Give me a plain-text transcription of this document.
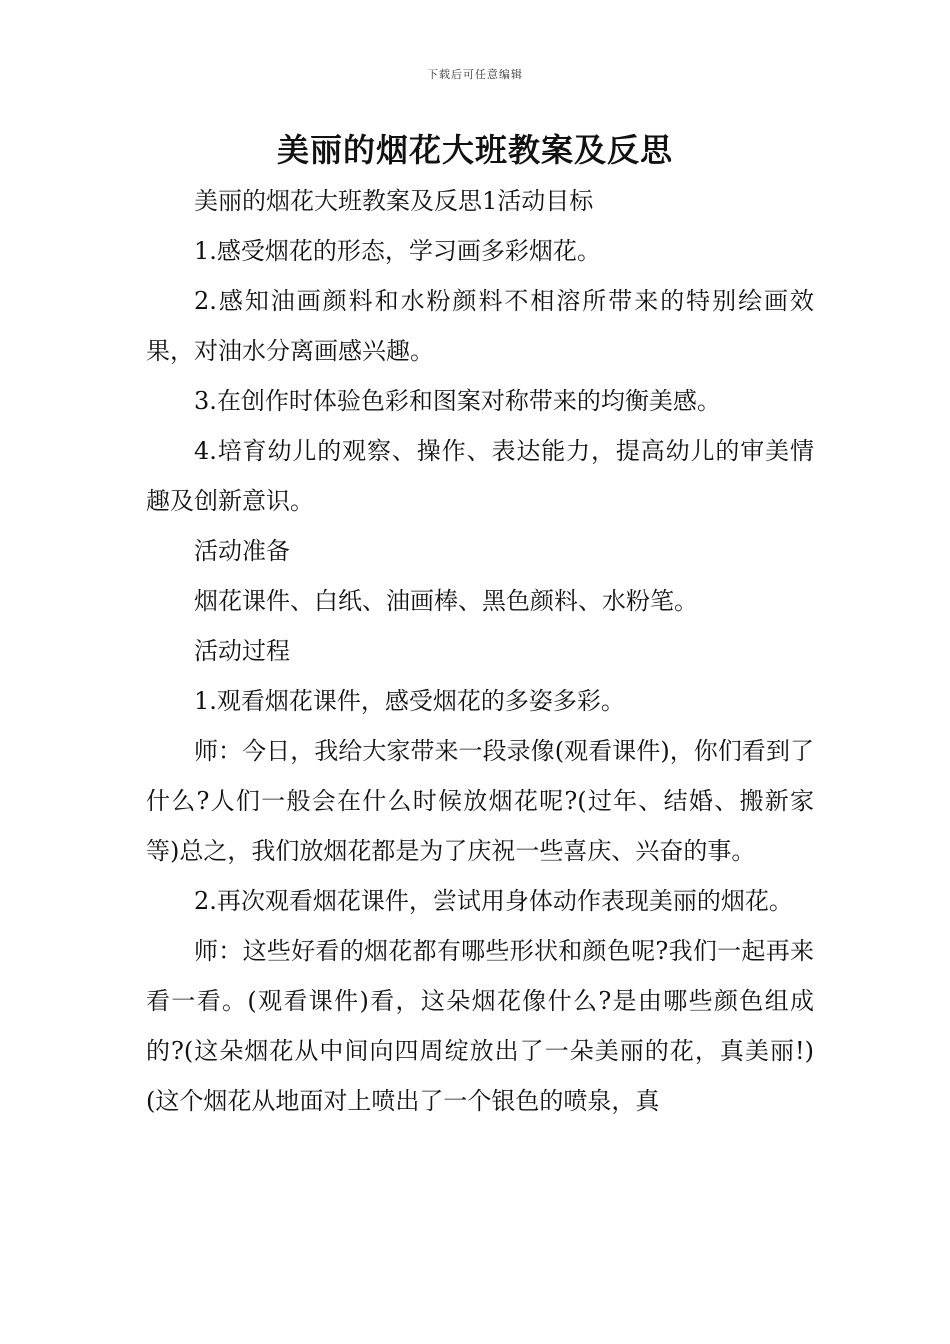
下载后可任意编辑
美丽的烟花大班教案及反思

美丽的烟花大班教案及反思1活动目标

1.感受烟花的形态，学习画多彩烟花。

2.感知油画颜料和水粉颜料不相溶所带来的特别绘画效果，对油水分离画感兴趣。

3.在创作时体验色彩和图案对称带来的均衡美感。

4.培育幼儿的观察、操作、表达能力，提高幼儿的审美情趣及创新意识。

活动准备

烟花课件、白纸、油画棒、黑色颜料、水粉笔。

活动过程

1.观看烟花课件，感受烟花的多姿多彩。

师：今日，我给大家带来一段录像(观看课件)，你们看到了什么?人们一般会在什么时候放烟花呢?(过年、结婚、搬新家等)总之，我们放烟花都是为了庆祝一些喜庆、兴奋的事。

2.再次观看烟花课件，尝试用身体动作表现美丽的烟花。

师：这些好看的烟花都有哪些形状和颜色呢?我们一起再来看一看。(观看课件)看，这朵烟花像什么?是由哪些颜色组成的?(这朵烟花从中间向四周绽放出了一朵美丽的花，真美丽!)(这个烟花从地面对上喷出了一个银色的喷泉，真
